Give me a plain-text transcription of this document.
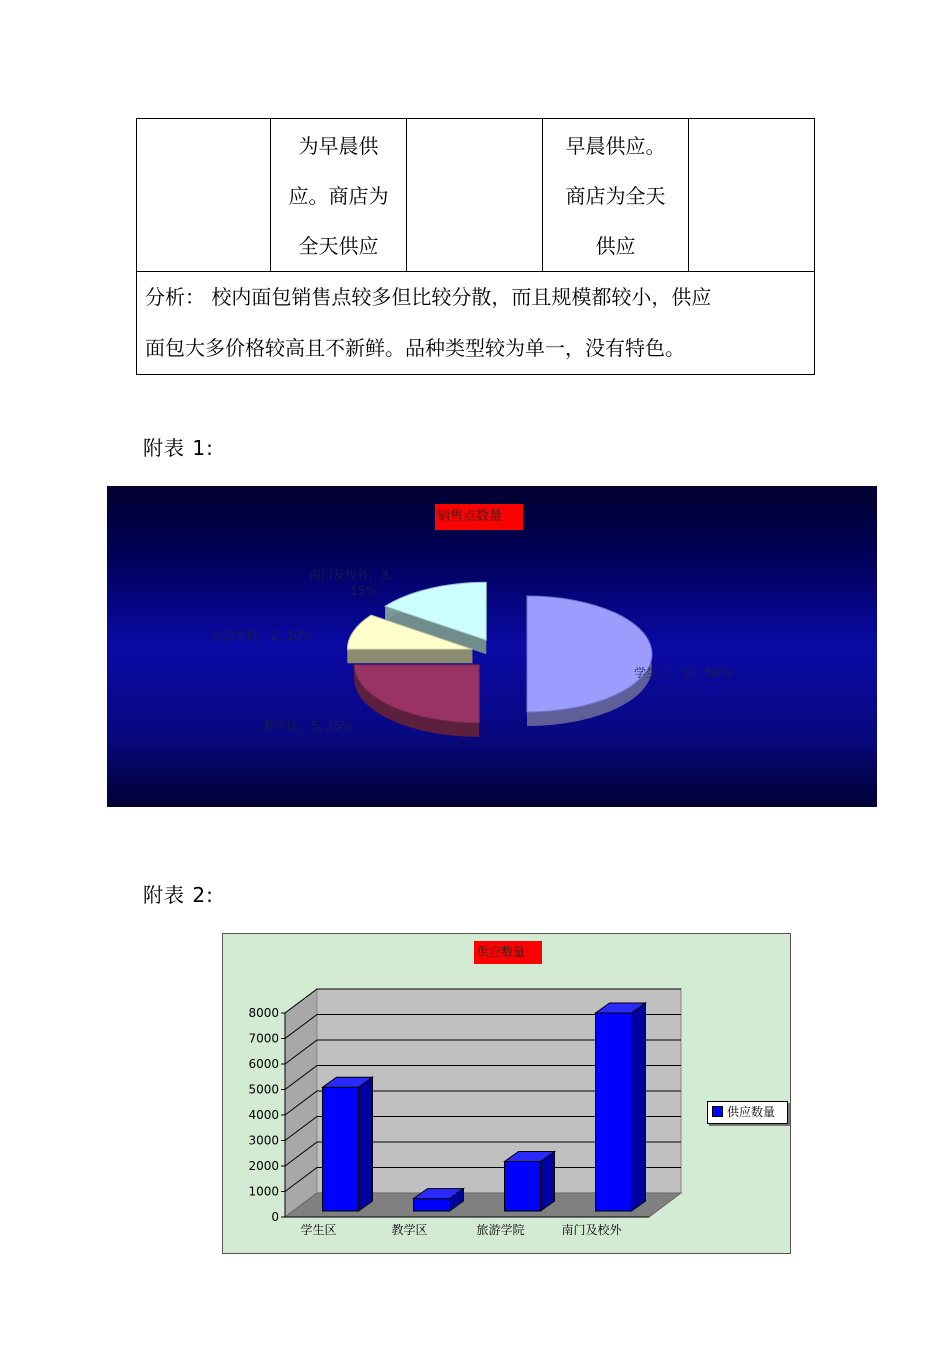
为早晨供
应。商店为
全天供应

早晨供应。
商店为全天
供应

分析： 校内面包销售点较多但比较分散，而且规模都较小，供应
面包大多价格较高且不新鲜。品种类型较为单一，没有特色。
附表 1:
销售点数量
学生区，10, 50%
教学区，5, 25%
旅游学院，2, 10%
南门及校外，3,
15%
附表 2:
0
1000
2000
3000
4000
5000
6000
7000
8000
学生区	教学区	旅游学院	南门及校外
供应数量
供应数量
